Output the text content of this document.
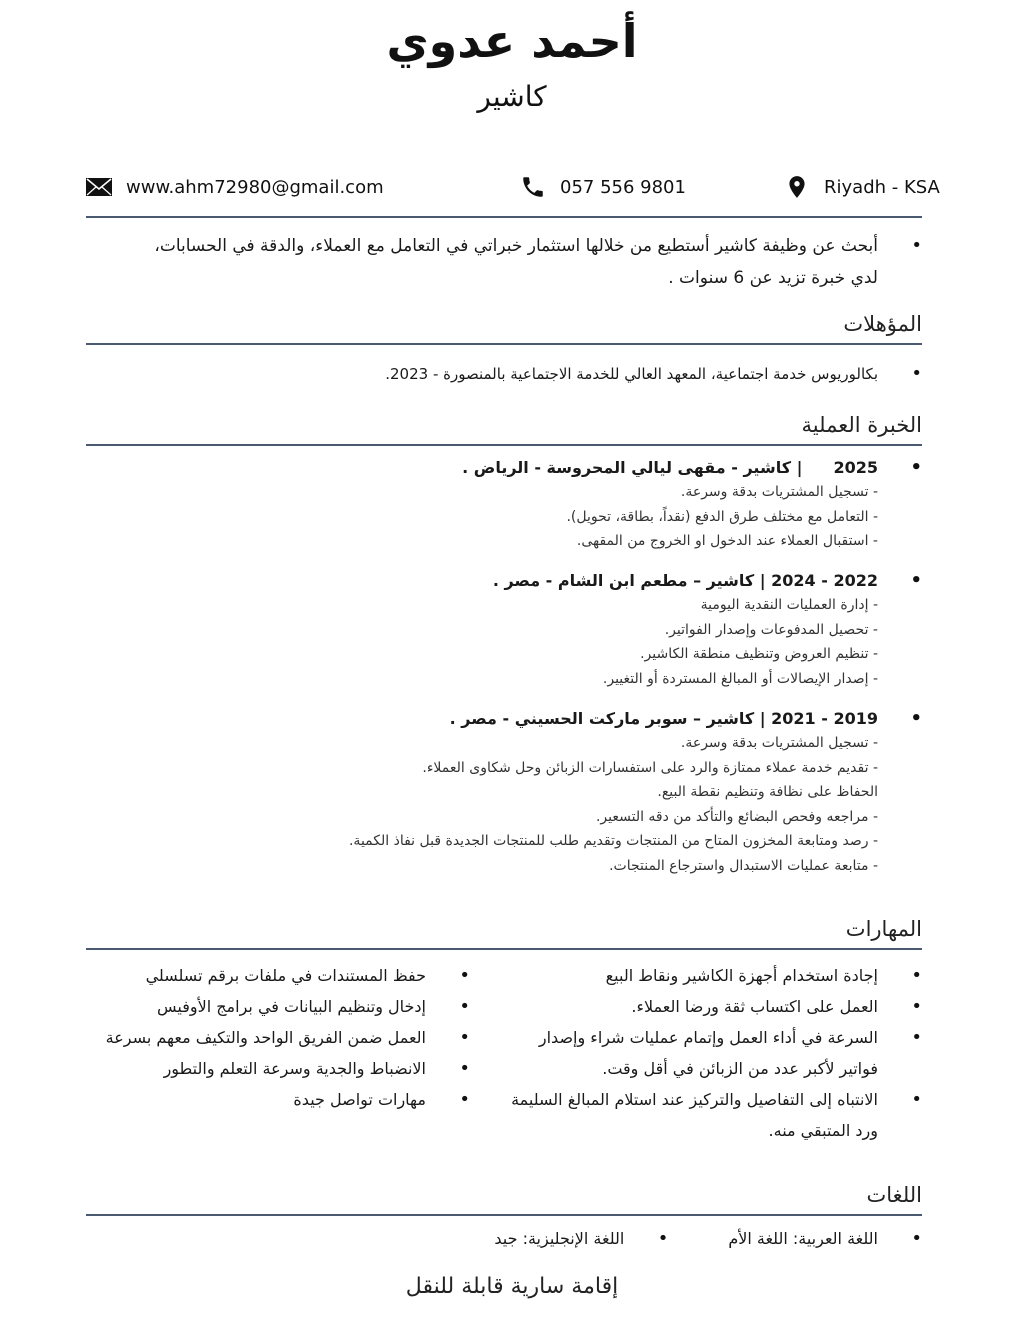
أحمد عدوي
كاشير
www.ahm72980@gmail.com	057 556 9801	Riyadh - KSA
• أبحث عن وظيفة كاشير أستطيع من خلالها استثمار خبراتي في التعامل مع العملاء، والدقة في الحسابات، لدي خبرة تزيد عن 6 سنوات .
المؤهلات
• بكالوريوس خدمة اجتماعية، المعهد العالي للخدمة الاجتماعية بالمنصورة - 2023.
الخبرة العملية
• 2025 | كاشير - مقهى ليالي المحروسة - الرياض .
- تسجيل المشتريات بدقة وسرعة.
- التعامل مع مختلف طرق الدفع (نقداً، بطاقة، تحويل).
- استقبال العملاء عند الدخول او الخروج من المقهى.
• 2022 - 2024 | كاشير – مطعم ابن الشام - مصر .
- إدارة العمليات النقدية اليومية
- تحصيل المدفوعات وإصدار الفواتير.
- تنظيم العروض وتنظيف منطقة الكاشير.
- إصدار الإيصالات أو المبالغ المستردة أو التغيير.
• 2019 - 2021 | كاشير – سوبر ماركت الحسيني - مصر .
- تسجيل المشتريات بدقة وسرعة.
- تقديم خدمة عملاء ممتازة والرد على استفسارات الزبائن وحل شكاوى العملاء.
الحفاظ على نظافة وتنظيم نقطة البيع.
- مراجعه وفحص البضائع والتأكد من دقه التسعير.
- رصد ومتابعة المخزون المتاح من المنتجات وتقديم طلب للمنتجات الجديدة قبل نفاذ الكمية.
- متابعة عمليات الاستبدال واسترجاع المنتجات.
المهارات
• إجادة استخدام أجهزة الكاشير ونقاط البيع
• العمل على اكتساب ثقة ورضا العملاء.
• السرعة في أداء العمل وإتمام عمليات شراء وإصدار فواتير لأكبر عدد من الزبائن في أقل وقت.
• الانتباه إلى التفاصيل والتركيز عند استلام المبالغ السليمة ورد المتبقي منه.
• حفظ المستندات في ملفات برقم تسلسلي
• إدخال وتنظيم البيانات في برامج الأوفيس
• العمل ضمن الفريق الواحد والتكيف معهم بسرعة
• الانضباط والجدية وسرعة التعلم والتطور
• مهارات تواصل جيدة
اللغات
• اللغة العربية: اللغة الأم
• اللغة الإنجليزية: جيد
إقامة سارية قابلة للنقل
